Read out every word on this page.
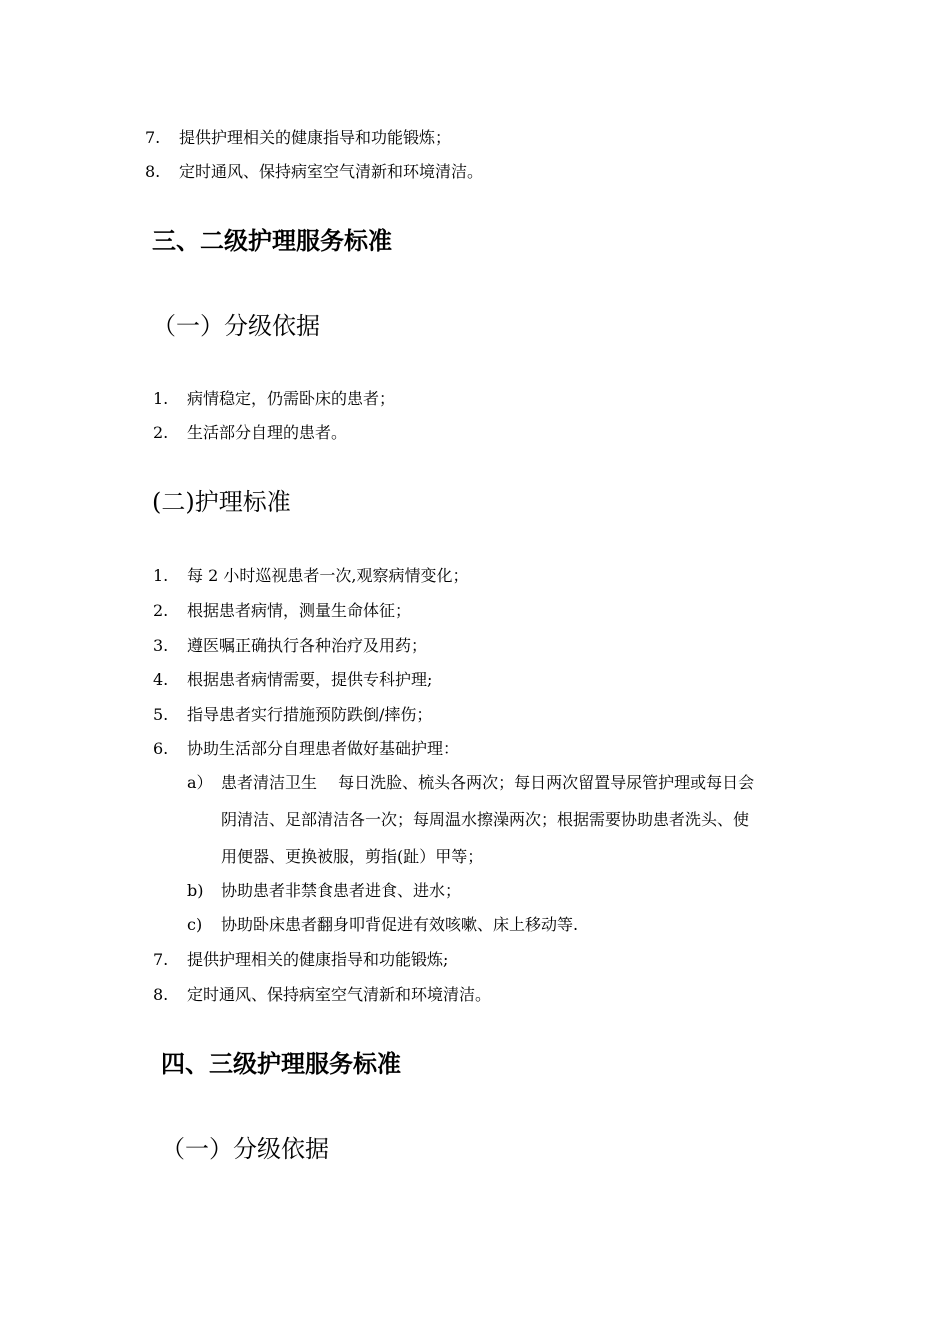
7. 提供护理相关的健康指导和功能锻炼；
8. 定时通风、保持病室空气清新和环境清洁。
三、二级护理服务标准
（一）分级依据
1. 病情稳定，仍需卧床的患者；
2. 生活部分自理的患者。
(二)护理标准
1. 每 2 小时巡视患者一次,观察病情变化；
2. 根据患者病情，测量生命体征；
3. 遵医嘱正确执行各种治疗及用药；
4. 根据患者病情需要，提供专科护理;
5. 指导患者实行措施预防跌倒/摔伤；
6. 协助生活部分自理患者做好基础护理：
a） 患者清洁卫生　 每日洗脸、梳头各两次；每日两次留置导尿管护理或每日会
阴清洁、足部清洁各一次；每周温水擦澡两次；根据需要协助患者洗头、使
用便器、更换被服，剪指(趾）甲等；
b) 协助患者非禁食患者进食、进水；
c) 协助卧床患者翻身叩背促进有效咳嗽、床上移动等.
7. 提供护理相关的健康指导和功能锻炼;
8. 定时通风、保持病室空气清新和环境清洁。
四、三级护理服务标准
（一）分级依据
